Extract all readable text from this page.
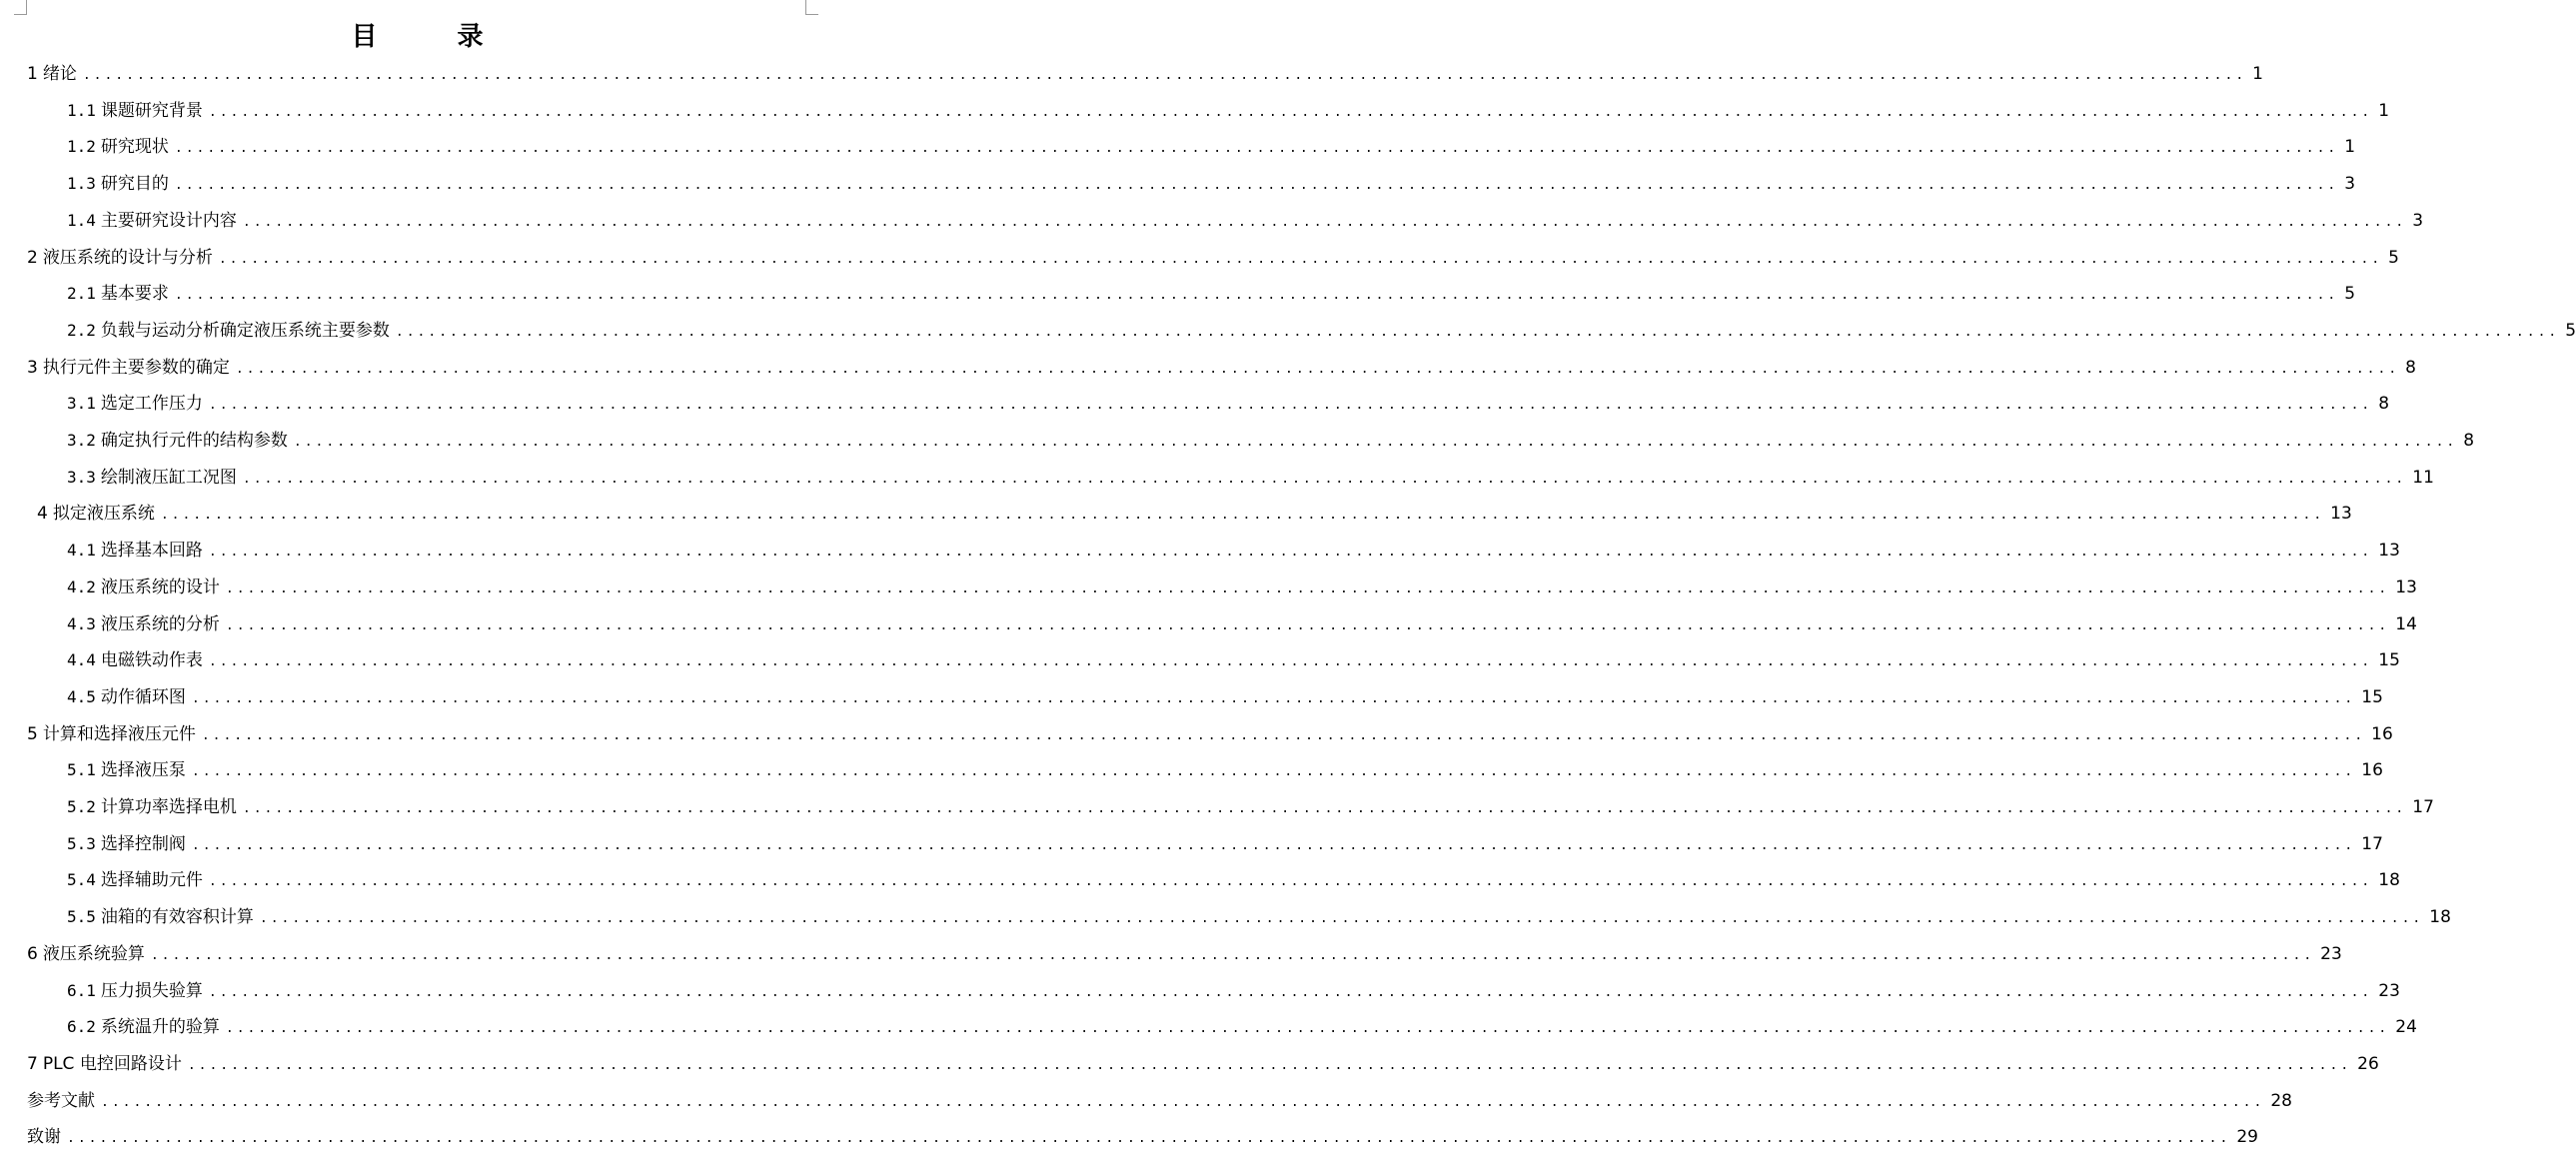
目	录
1 绪论 ........................................................................................................................................................................................................ 1
1.1 课题研究背景 ........................................................................................................................................................................................................ 1
1.2 研究现状 ........................................................................................................................................................................................................ 1
1.3 研究目的 ........................................................................................................................................................................................................ 3
1.4 主要研究设计内容 ........................................................................................................................................................................................................ 3
2 液压系统的设计与分析 ........................................................................................................................................................................................................ 5
2.1 基本要求 ........................................................................................................................................................................................................ 5
2.2 负载与运动分析确定液压系统主要参数 ........................................................................................................................................................................................................ 5
3 执行元件主要参数的确定 ........................................................................................................................................................................................................ 8
3.1 选定工作压力 ........................................................................................................................................................................................................ 8
3.2 确定执行元件的结构参数 ........................................................................................................................................................................................................ 8
3.3 绘制液压缸工况图 ........................................................................................................................................................................................................ 11
4 拟定液压系统 ........................................................................................................................................................................................................ 13
4.1 选择基本回路 ........................................................................................................................................................................................................ 13
4.2 液压系统的设计 ........................................................................................................................................................................................................ 13
4.3 液压系统的分析 ........................................................................................................................................................................................................ 14
4.4 电磁铁动作表 ........................................................................................................................................................................................................ 15
4.5 动作循环图 ........................................................................................................................................................................................................ 15
5 计算和选择液压元件 ........................................................................................................................................................................................................ 16
5.1 选择液压泵 ........................................................................................................................................................................................................ 16
5.2 计算功率选择电机 ........................................................................................................................................................................................................ 17
5.3 选择控制阀 ........................................................................................................................................................................................................ 17
5.4 选择辅助元件 ........................................................................................................................................................................................................ 18
5.5 油箱的有效容积计算 ........................................................................................................................................................................................................ 18
6 液压系统验算 ........................................................................................................................................................................................................ 23
6.1 压力损失验算 ........................................................................................................................................................................................................ 23
6.2 系统温升的验算 ........................................................................................................................................................................................................ 24
7 PLC 电控回路设计 ........................................................................................................................................................................................................ 26
参考文献 ........................................................................................................................................................................................................ 28
致谢 ........................................................................................................................................................................................................ 29
